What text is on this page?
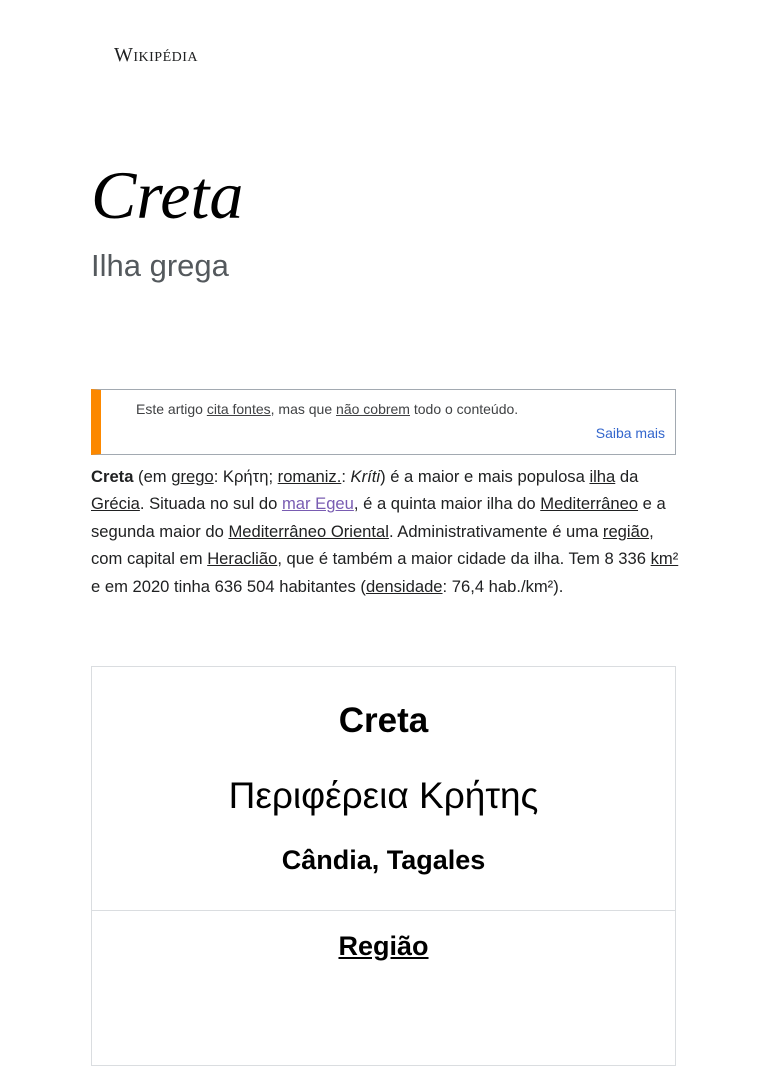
Wikipédia
Creta
Ilha grega
Este artigo cita fontes, mas que não cobrem todo o conteúdo.
Saiba mais

Creta (em grego: Κρήτη; romaniz.: Kríti) é a maior e mais populosa ilha da Grécia. Situada no sul do mar Egeu, é a quinta maior ilha do Mediterrâneo e a segunda maior do Mediterrâneo Oriental. Administrativamente é uma região, com capital em Heraclião, que é também a maior cidade da ilha. Tem 8 336 km² e em 2020 tinha 636 504 habitantes (densidade: 76,4 hab./km²).

Creta
Περιφέρεια Κρήτης
Cândia, Tagales
Região
